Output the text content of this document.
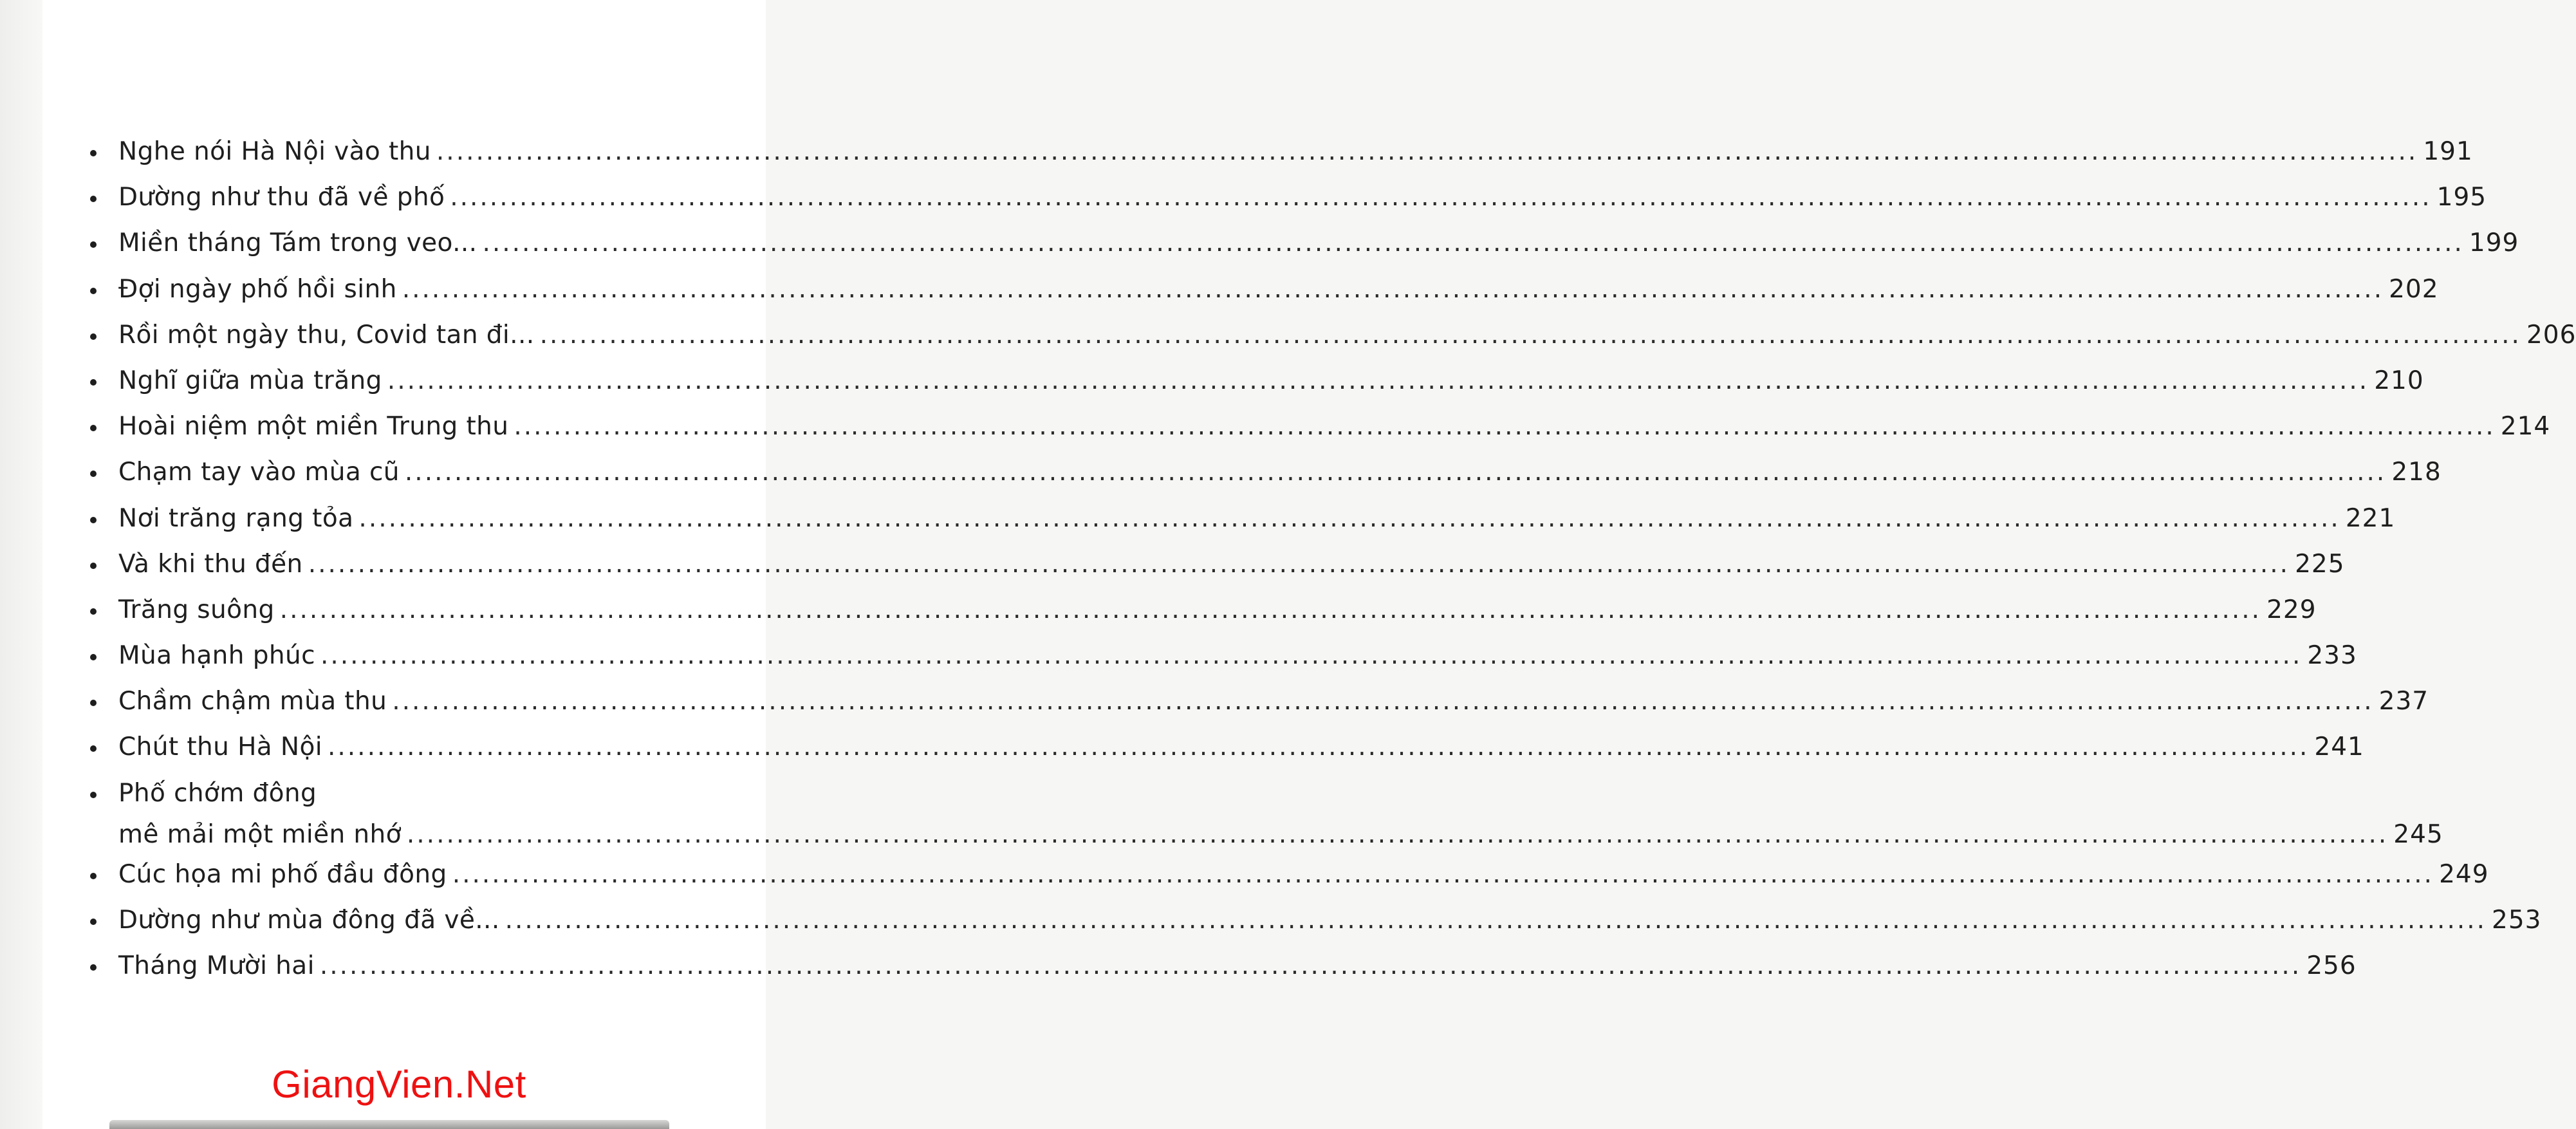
Nghe nói Hà Nội vào thu ........................................................................................................................................................................................................ 191
Dường như thu đã về phố ........................................................................................................................................................................................................ 195
Miền tháng Tám trong veo... ........................................................................................................................................................................................................ 199
Đợi ngày phố hồi sinh ........................................................................................................................................................................................................ 202
Rồi một ngày thu, Covid tan đi... ........................................................................................................................................................................................................ 206
Nghĩ giữa mùa trăng ........................................................................................................................................................................................................ 210
Hoài niệm một miền Trung thu ........................................................................................................................................................................................................ 214
Chạm tay vào mùa cũ ........................................................................................................................................................................................................ 218
Nơi trăng rạng tỏa ........................................................................................................................................................................................................ 221
Và khi thu đến ........................................................................................................................................................................................................ 225
Trăng suông ........................................................................................................................................................................................................ 229
Mùa hạnh phúc ........................................................................................................................................................................................................ 233
Chầm chậm mùa thu ........................................................................................................................................................................................................ 237
Chút thu Hà Nội ........................................................................................................................................................................................................ 241
Phố chớm đông
mê mải một miền nhớ ........................................................................................................................................................................................................ 245
Cúc họa mi phố đầu đông ........................................................................................................................................................................................................ 249
Dường như mùa đông đã về... ........................................................................................................................................................................................................ 253
Tháng Mười hai ........................................................................................................................................................................................................ 256
GiangVien.Net
